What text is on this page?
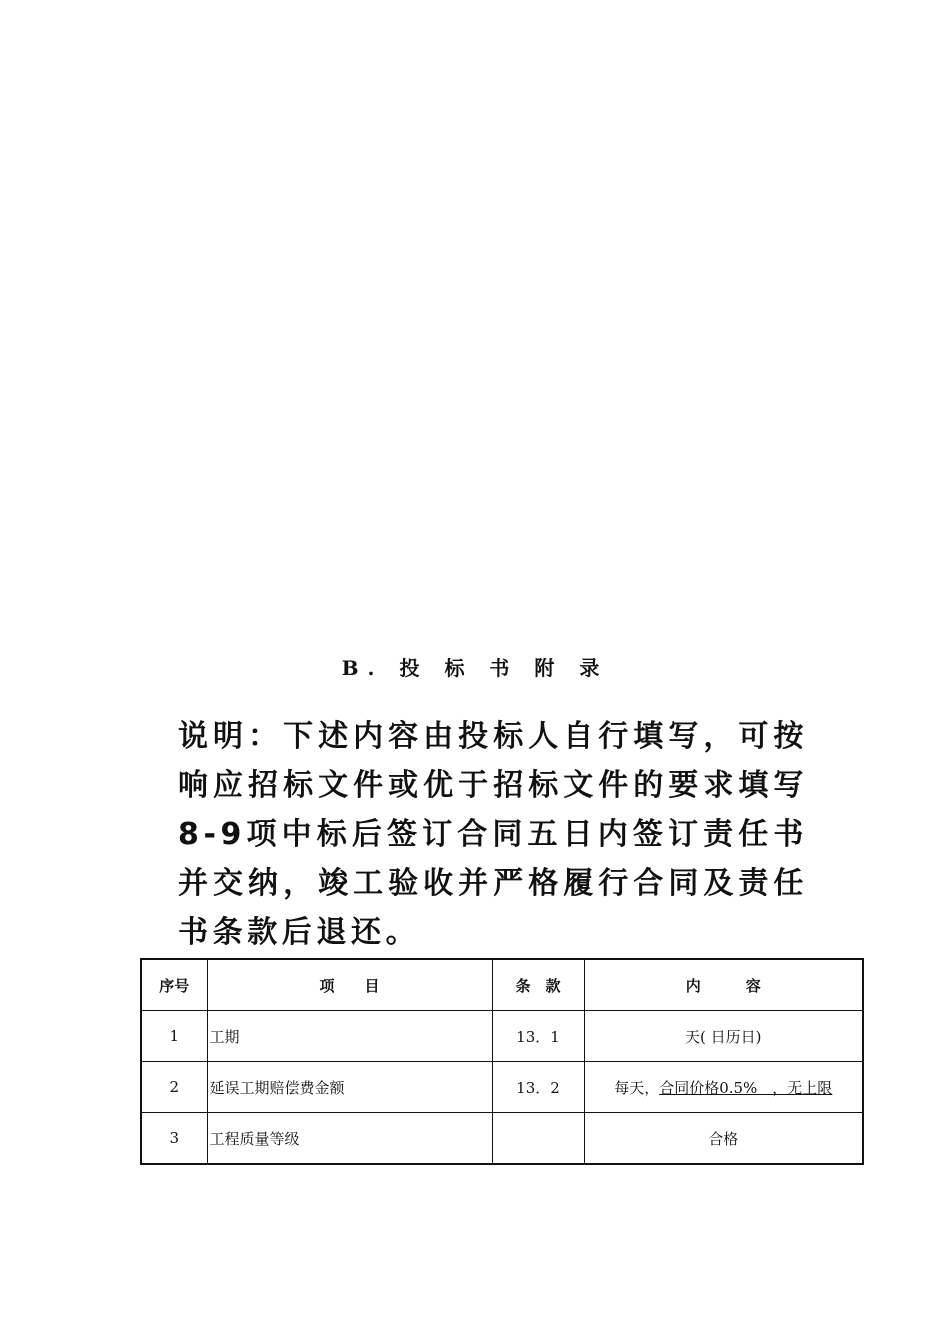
B. 投 标 书 附 录

说明：下述内容由投标人自行填写，可按响应招标文件或优于招标文件的要求填写8-9项中标后签订合同五日内签订责任书并交纳，竣工验收并严格履行合同及责任书条款后退还。

序号	项　　目	条　款	内　　　容
1	工期	13．1	天( 日历日)
2	延误工期赔偿费金额	13．2	每天，合同价格0.5%　，无上限
3	工程质量等级		合格
